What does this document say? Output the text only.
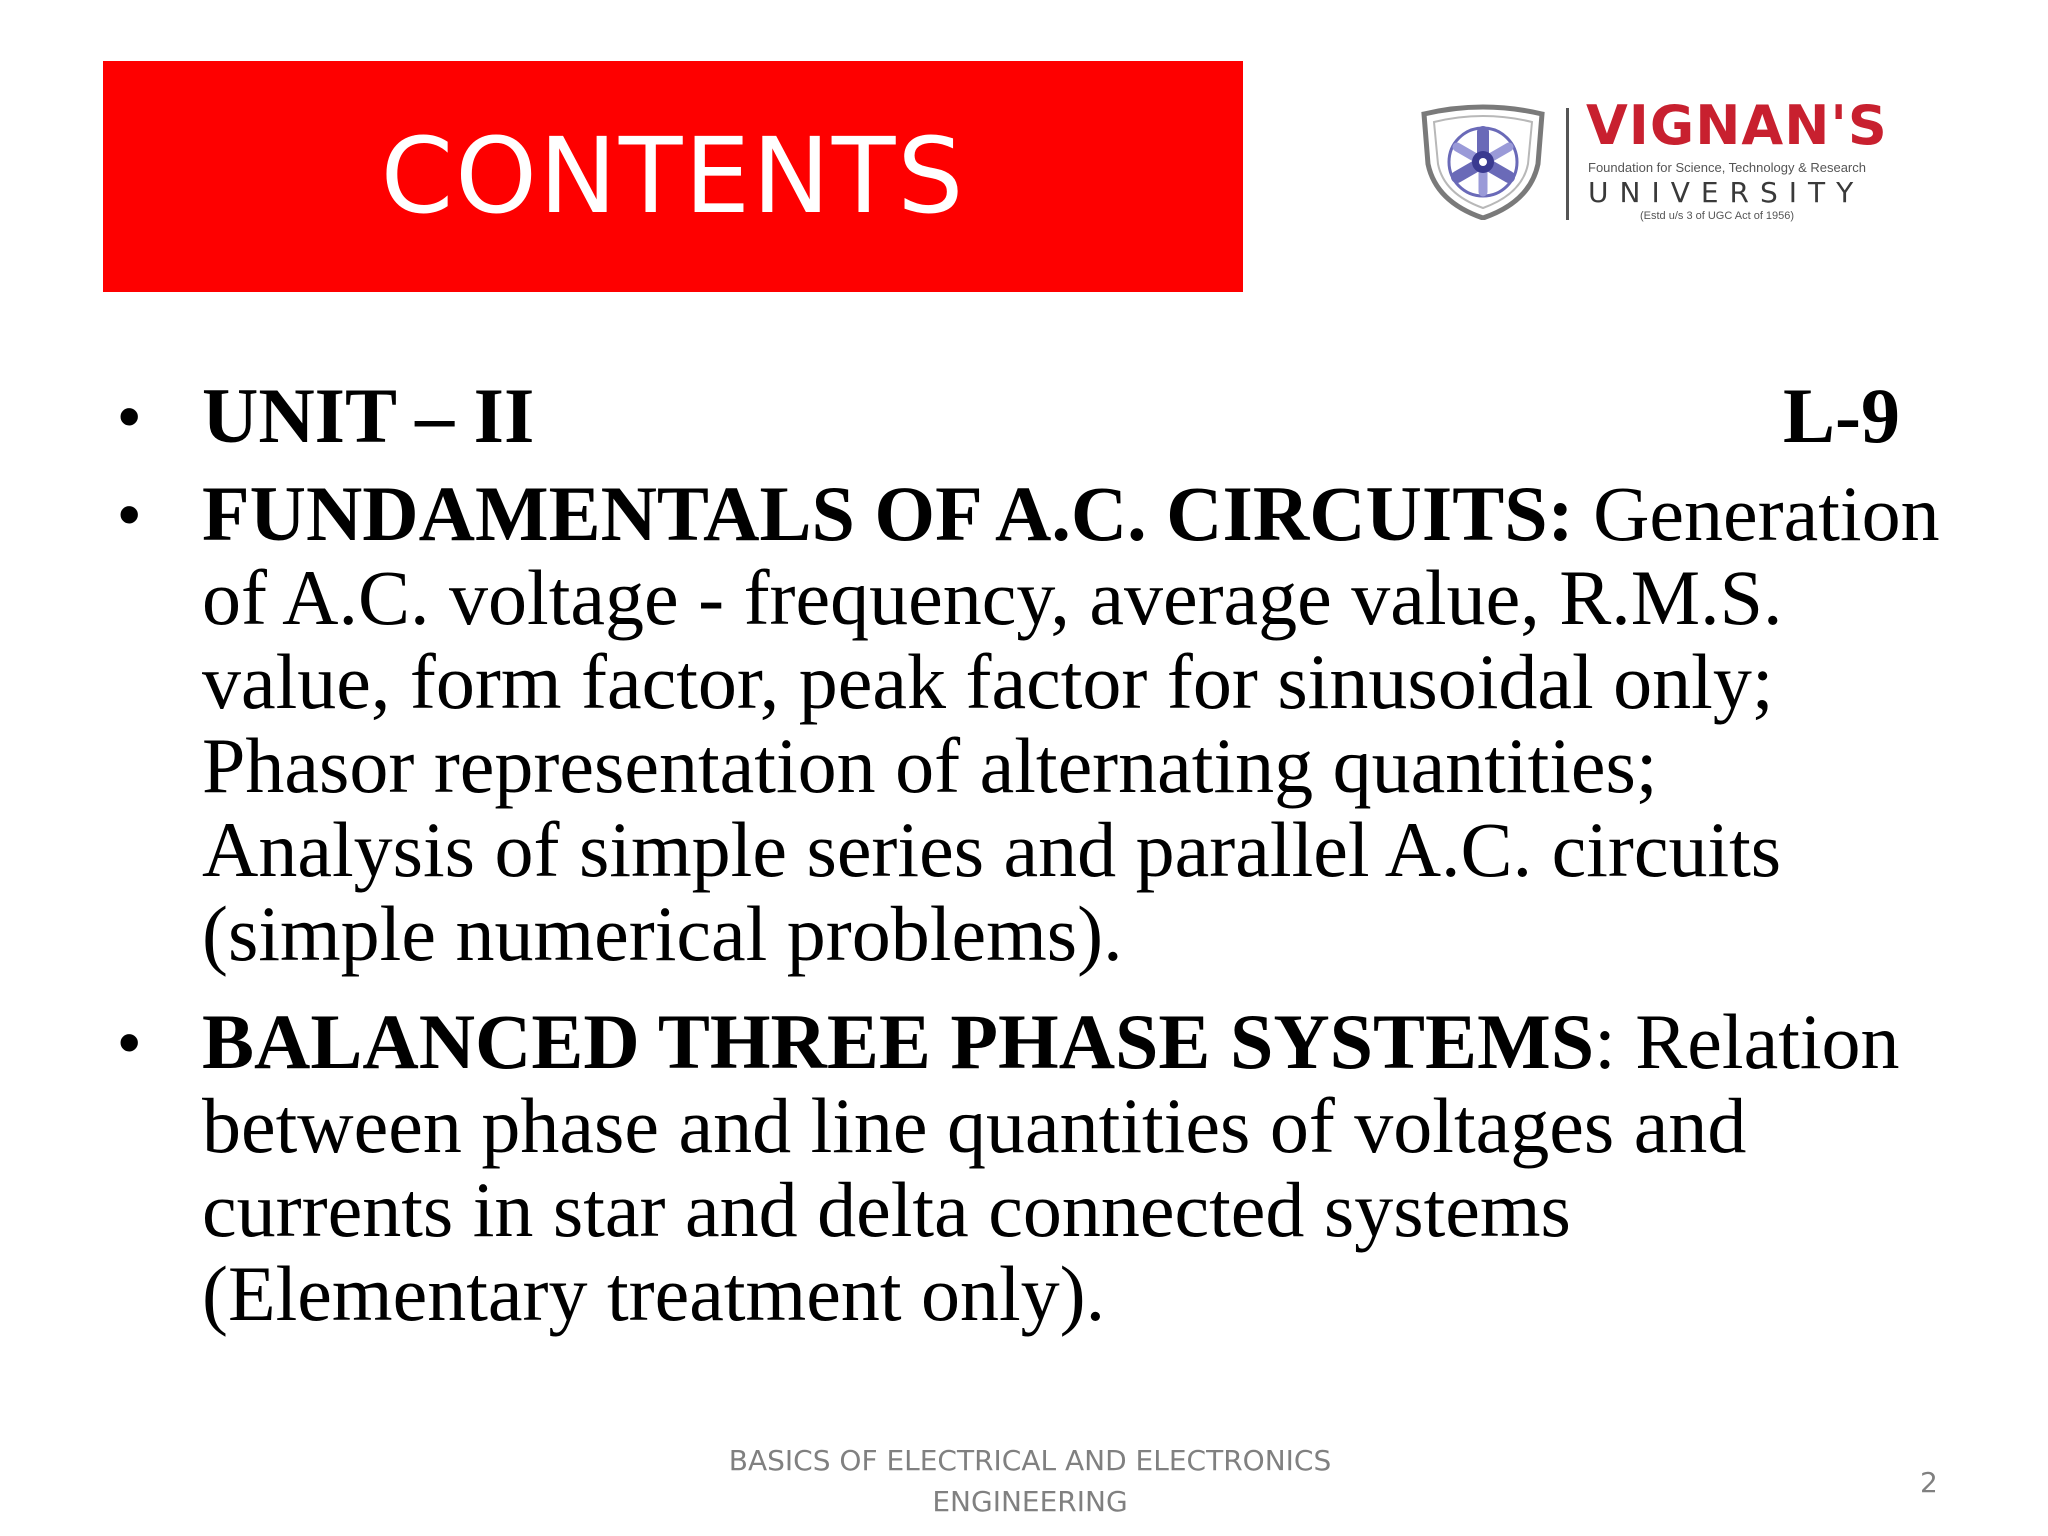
CONTENTS	VIGNAN'S
Foundation for Science, Technology & Research
UNIVERSITY
(Estd u/s 3 of UGC Act of 1956)
• UNIT – II	L-9
• FUNDAMENTALS OF A.C. CIRCUITS: Generation of A.C. voltage - frequency, average value, R.M.S. value, form factor, peak factor for sinusoidal only; Phasor representation of alternating quantities; Analysis of simple series and parallel A.C. circuits (simple numerical problems).
• BALANCED THREE PHASE SYSTEMS: Relation between phase and line quantities of voltages and currents in star and delta connected systems (Elementary treatment only).
BASICS OF ELECTRICAL AND ELECTRONICS
ENGINEERING
2
